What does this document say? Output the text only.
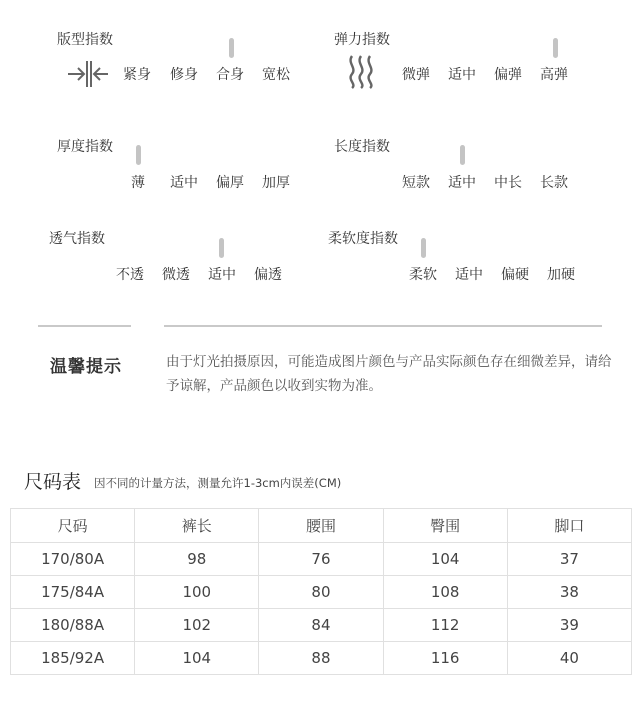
版型指数
紧身 修身 合身 宽松
弹力指数
微弹 适中 偏弹 高弹
厚度指数
薄 适中 偏厚 加厚
长度指数
短款 适中 中长 长款
透气指数
不透 微透 适中 偏透
柔软度指数
柔软 适中 偏硬 加硬
温馨提示	由于灯光拍摄原因，可能造成图片颜色与产品实际颜色存在细微差异，请给予谅解，产品颜色以收到实物为准。
尺码表 因不同的计量方法，测量允许1-3cm内误差(CM)
尺码	裤长	腰围	臀围	脚口
170/80A	98	76	104	37
175/84A	100	80	108	38
180/88A	102	84	112	39
185/92A	104	88	116	40
